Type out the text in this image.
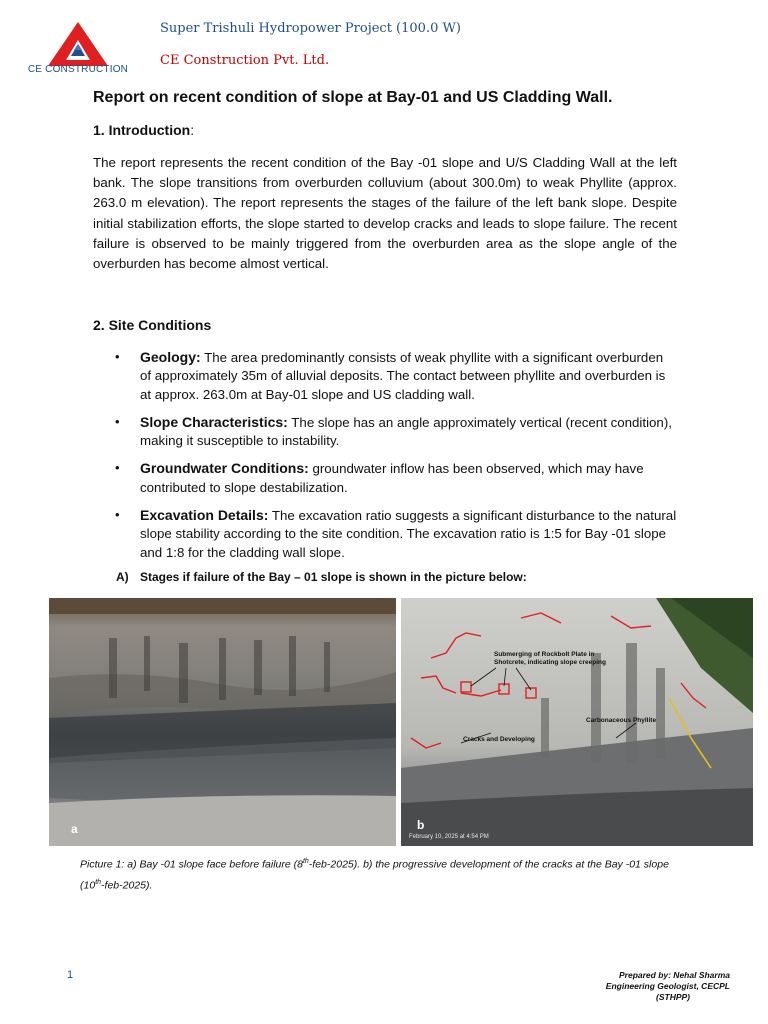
CE CONSTRUCTION
Super Trishuli Hydropower Project (100.0 W)
CE Construction Pvt. Ltd.
Report on recent condition of slope at Bay-01 and US Cladding Wall.
1. Introduction:
The report represents the recent condition of the Bay -01 slope and U/S Cladding Wall at the left bank. The slope transitions from overburden colluvium (about 300.0m) to weak Phyllite (approx. 263.0 m elevation). The report represents the stages of the failure of the left bank slope. Despite initial stabilization efforts, the slope started to develop cracks and leads to slope failure. The recent failure is observed to be mainly triggered from the overburden area as the slope angle of the overburden has become almost vertical.
2. Site Conditions
• Geology: The area predominantly consists of weak phyllite with a significant overburden of approximately 35m of alluvial deposits. The contact between phyllite and overburden is at approx. 263.0m at Bay-01 slope and US cladding wall.
• Slope Characteristics: The slope has an angle approximately vertical (recent condition), making it susceptible to instability.
• Groundwater Conditions: groundwater inflow has been observed, which may have contributed to slope destabilization.
• Excavation Details: The excavation ratio suggests a significant disturbance to the natural slope stability according to the site condition. The excavation ratio is 1:5 for Bay -01 slope and 1:8 for the cladding wall slope.
A) Stages if failure of the Bay – 01 slope is shown in the picture below:
a
Submerging of Rockbolt Plate in Shotcrete, indicating slope creeping
Carbonaceous Phyllite
Cracks and Developing
February 10, 2025 at 4:54 PM
b
Picture 1: a) Bay -01 slope face before failure (8th-feb-2025). b) the progressive development of the cracks at the Bay -01 slope (10th-feb-2025).
1	Prepared by: Nehal Sharma
Engineering Geologist, CECPL
(STHPP)
